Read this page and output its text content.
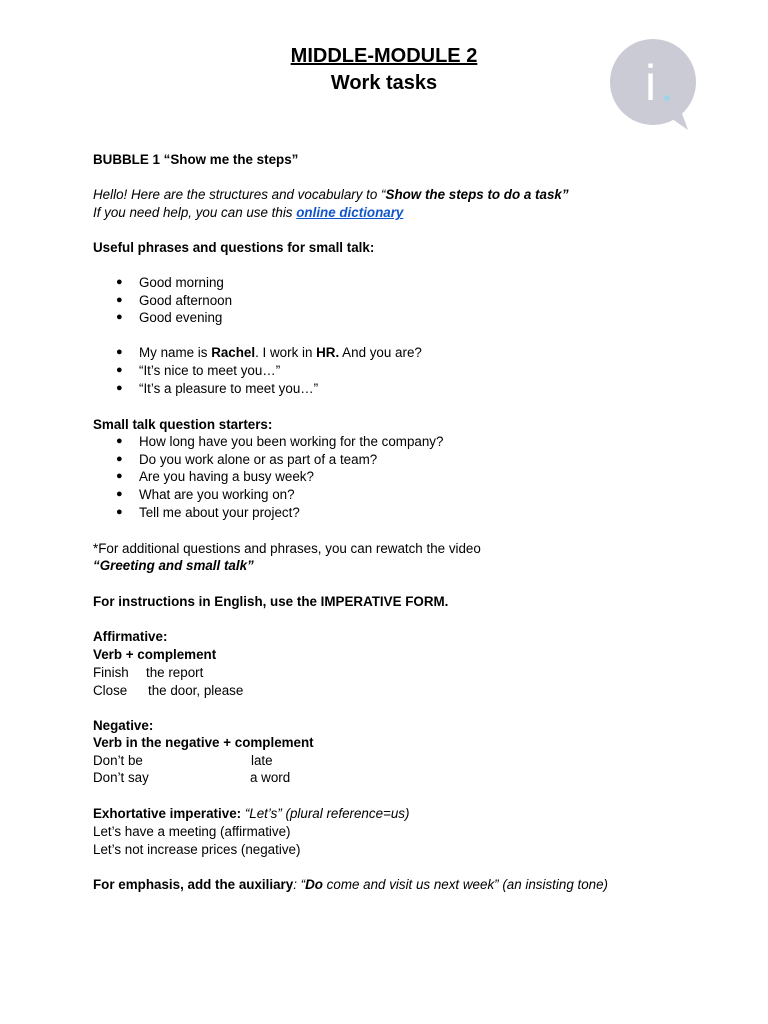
MIDDLE-MODULE 2
Work tasks	i
BUBBLE 1 “Show me the steps”
Hello! Here are the structures and vocabulary to “Show the steps to do a task”
If you need help, you can use this online dictionary
Useful phrases and questions for small talk:
● Good morning
● Good afternoon
● Good evening
● My name is Rachel. I work in HR. And you are?
● “It’s nice to meet you…”
● “It’s a pleasure to meet you…”
Small talk question starters:
● How long have you been working for the company?
● Do you work alone or as part of a team?
● Are you having a busy week?
● What are you working on?
● Tell me about your project?
*For additional questions and phrases, you can rewatch the video
“Greeting and small talk”
For instructions in English, use the IMPERATIVE FORM.
Affirmative:
Verb + complement
Finish the report
Close the door, please
Negative:
Verb in the negative + complement
Don’t be	late
Don’t say	a word
Exhortative imperative: “Let’s” (plural reference=us)
Let’s have a meeting (affirmative)
Let’s not increase prices (negative)
For emphasis, add the auxiliary: “Do come and visit us next week” (an insisting tone)
